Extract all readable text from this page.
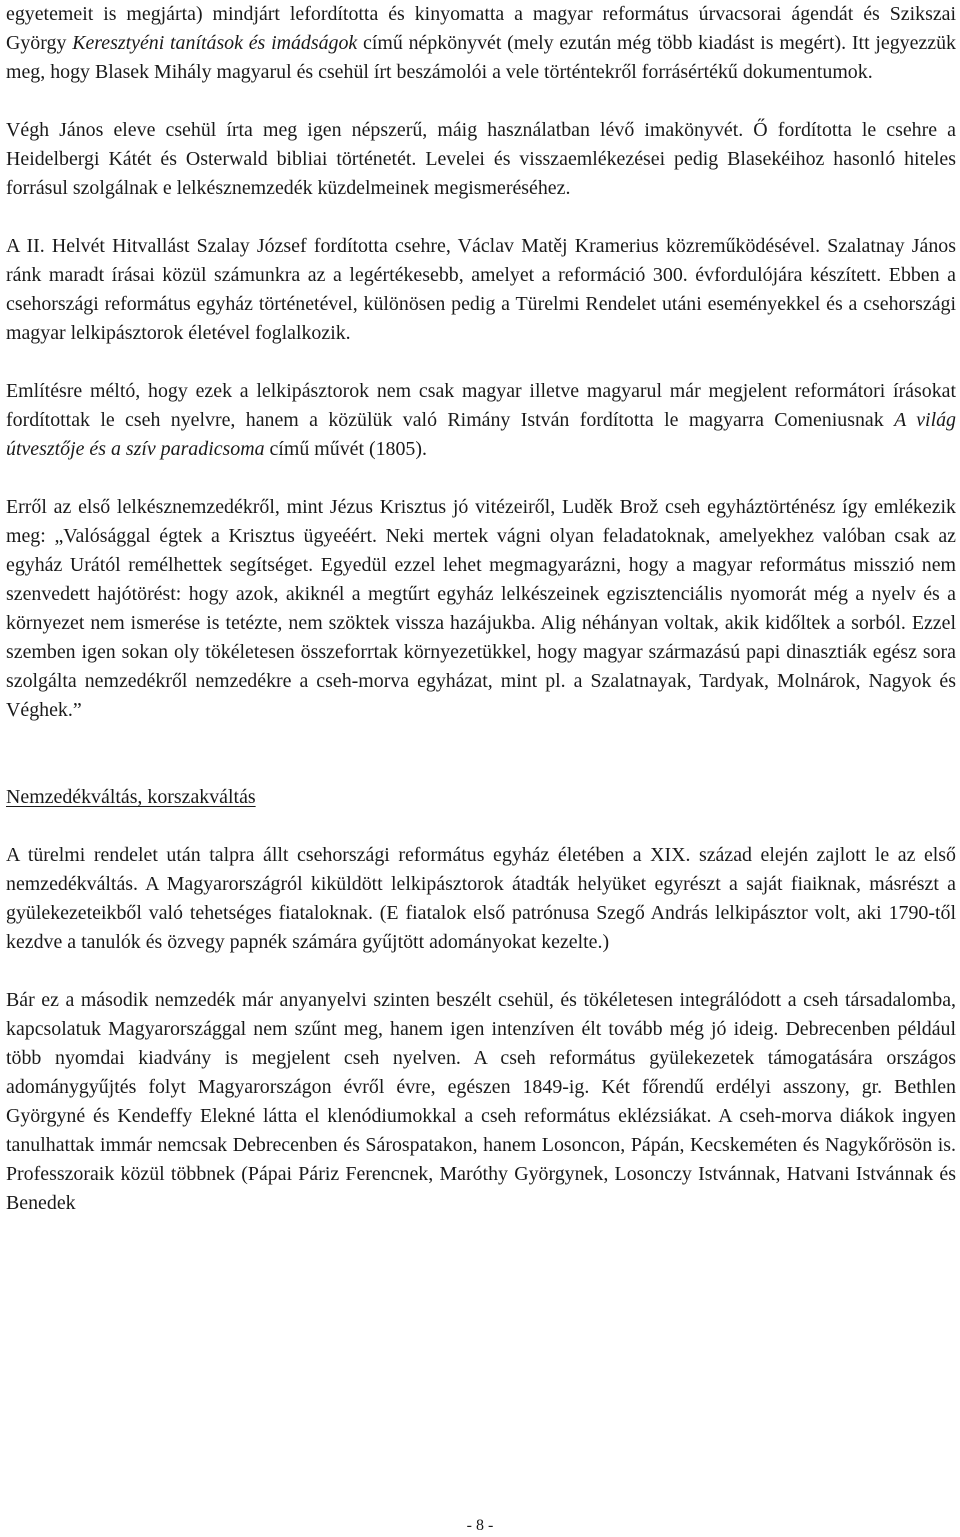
egyetemeit is megjárta) mindjárt lefordította és kinyomatta a magyar református úrvacsorai ágendát és Szikszai György Keresztyéni tanítások és imádságok című népkönyvét (mely ezután még több kiadást is megért). Itt jegyezzük meg, hogy Blasek Mihály magyarul és csehül írt beszámolói a vele történtekről forrásértékű dokumentumok.

Végh János eleve csehül írta meg igen népszerű, máig használatban lévő imakönyvét. Ő fordította le csehre a Heidelbergi Kátét és Osterwald bibliai történetét. Levelei és visszaemlékezései pedig Blasekéihoz hasonló hiteles forrásul szolgálnak e lelkésznemzedék küzdelmeinek megismeréséhez.

A II. Helvét Hitvallást Szalay József fordította csehre, Václav Matěj Kramerius közreműködésével. Szalatnay János ránk maradt írásai közül számunkra az a legértékesebb, amelyet a reformáció 300. évfordulójára készített. Ebben a csehországi református egyház történetével, különösen pedig a Türelmi Rendelet utáni eseményekkel és a csehországi magyar lelkipásztorok életével foglalkozik.

Említésre méltó, hogy ezek a lelkipásztorok nem csak magyar illetve magyarul már megjelent reformátori írásokat fordítottak le cseh nyelvre, hanem a közülük való Rimány István fordította le magyarra Comeniusnak A világ útvesztője és a szív paradicsoma című művét (1805).

Erről az első lelkésznemzedékről, mint Jézus Krisztus jó vitézeiről, Luděk Brož cseh egyháztörténész így emlékezik meg: „Valósággal égtek a Krisztus ügyeéért. Neki mertek vágni olyan feladatoknak, amelyekhez valóban csak az egyház Urától remélhettek segítséget. Egyedül ezzel lehet megmagyarázni, hogy a magyar református misszió nem szenvedett hajótörést: hogy azok, akiknél a megtűrt egyház lelkészeinek egzisztenciális nyomorát még a nyelv és a környezet nem ismerése is tetézte, nem szöktek vissza hazájukba. Alig néhányan voltak, akik kidőltek a sorból. Ezzel szemben igen sokan oly tökéletesen összeforrtak környezetükkel, hogy magyar származású papi dinasztiák egész sora szolgálta nemzedékről nemzedékre a cseh-morva egyházat, mint pl. a Szalatnayak, Tardyak, Molnárok, Nagyok és Véghek.”

Nemzedékváltás, korszakváltás

A türelmi rendelet után talpra állt csehországi református egyház életében a XIX. század elején zajlott le az első nemzedékváltás. A Magyarországról kiküldött lelkipásztorok átadták helyüket egyrészt a saját fiaiknak, másrészt a gyülekezeteikből való tehetséges fiataloknak. (E fiatalok első patrónusa Szegő András lelkipásztor volt, aki 1790-től kezdve a tanulók és özvegy papnék számára gyűjtött adományokat kezelte.)

Bár ez a második nemzedék már anyanyelvi szinten beszélt csehül, és tökéletesen integrálódott a cseh társadalomba, kapcsolatuk Magyarországgal nem szűnt meg, hanem igen intenzíven élt tovább még jó ideig. Debrecenben például több nyomdai kiadvány is megjelent cseh nyelven. A cseh református gyülekezetek támogatására országos adománygyűjtés folyt Magyarországon évről évre, egészen 1849-ig. Két főrendű erdélyi asszony, gr. Bethlen Györgyné és Kendeffy Elekné látta el klenódiumokkal a cseh református eklézsiákat. A cseh-morva diákok ingyen tanulhattak immár nemcsak Debrecenben és Sárospatakon, hanem Losoncon, Pápán, Kecskeméten és Nagykőrösön is. Professzoraik közül többnek (Pápai Páriz Ferencnek, Maróthy Györgynek, Losonczy Istvánnak, Hatvani Istvánnak és Benedek

- 8 -
